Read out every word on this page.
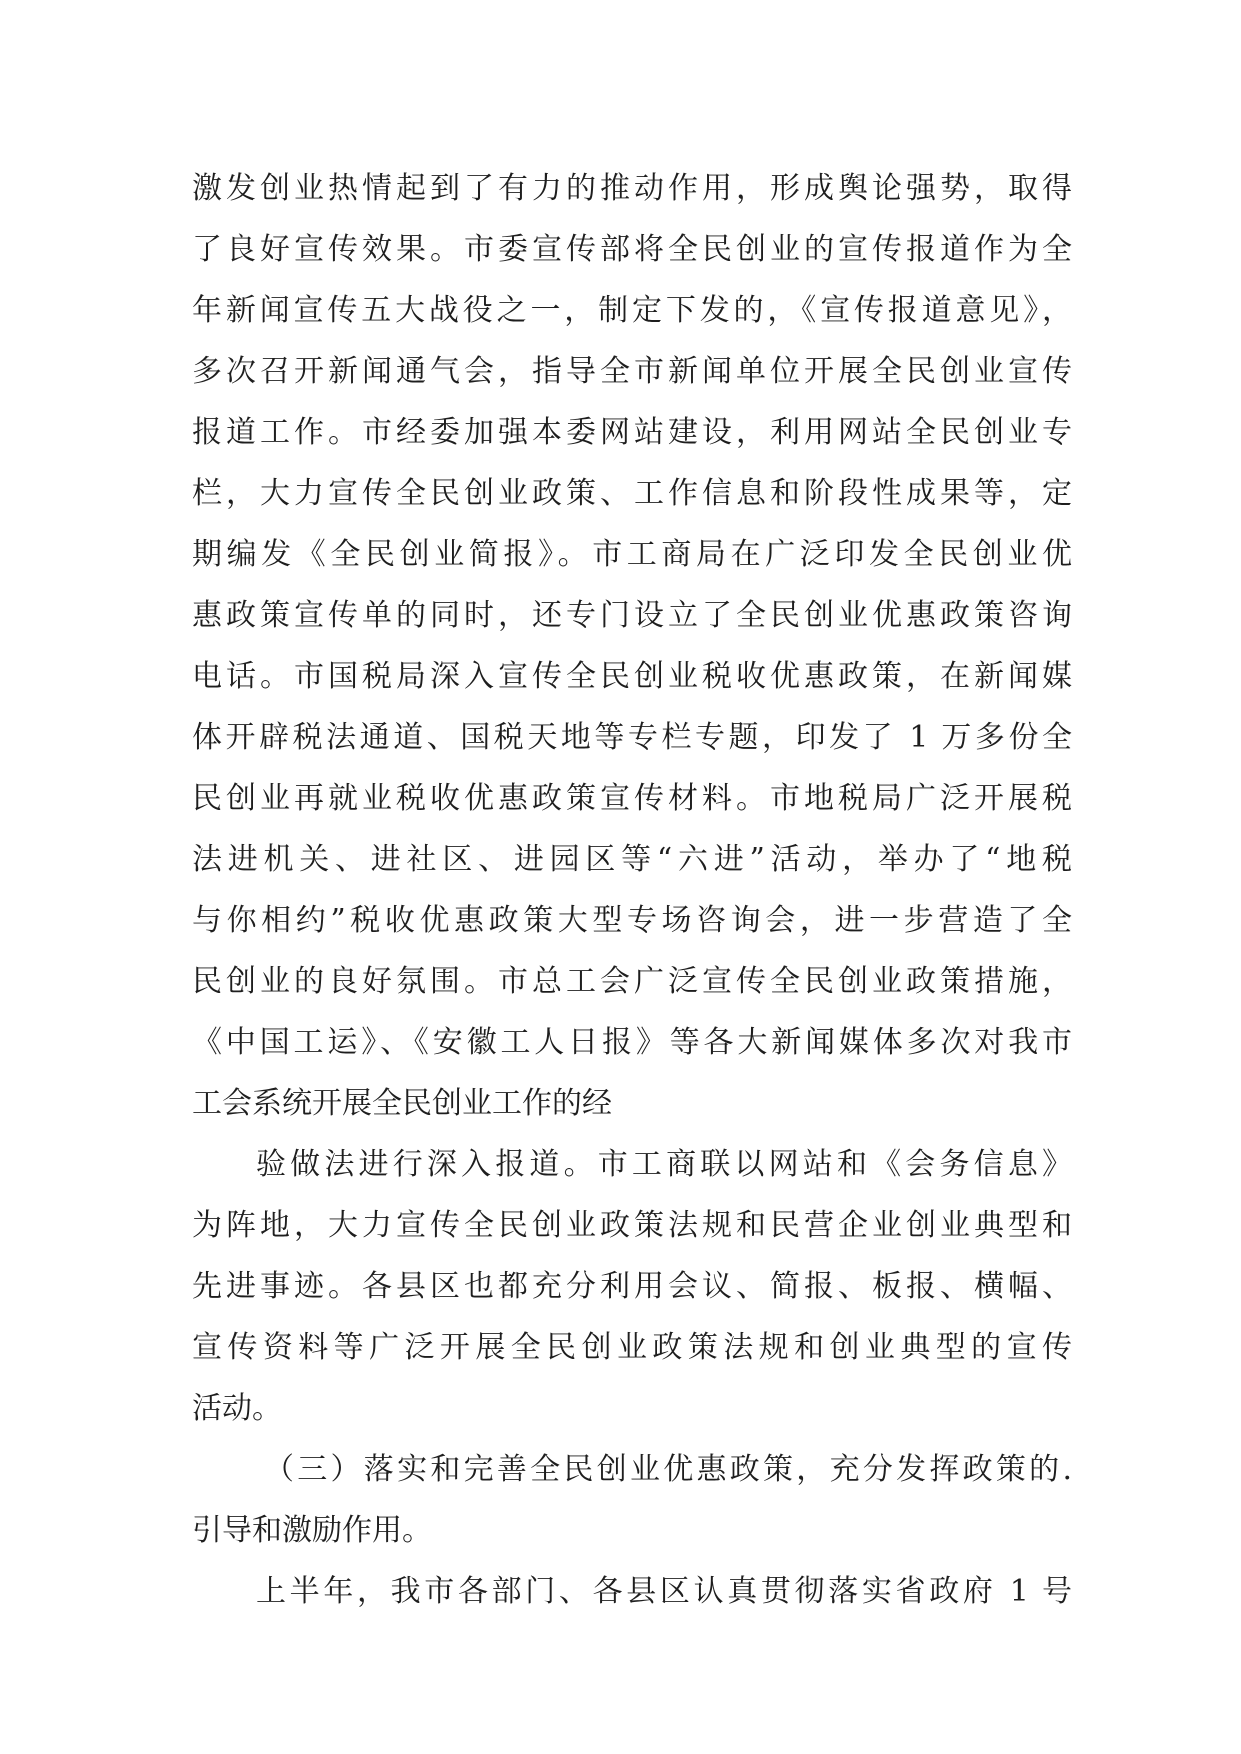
激发创业热情起到了有力的推动作用，形成舆论强势，取得
了良好宣传效果。市委宣传部将全民创业的宣传报道作为全
年新闻宣传五大战役之一，制定下发的，《宣传报道意见》，
多次召开新闻通气会，指导全市新闻单位开展全民创业宣传
报道工作。市经委加强本委网站建设，利用网站全民创业专
栏，大力宣传全民创业政策、工作信息和阶段性成果等，定
期编发《全民创业简报》。市工商局在广泛印发全民创业优
惠政策宣传单的同时，还专门设立了全民创业优惠政策咨询
电话。市国税局深入宣传全民创业税收优惠政策，在新闻媒
体开辟税法通道、国税天地等专栏专题，印发了 1 万多份全
民创业再就业税收优惠政策宣传材料。市地税局广泛开展税
法进机关、进社区、进园区等“六进”活动，举办了“地税
与你相约”税收优惠政策大型专场咨询会，进一步营造了全
民创业的良好氛围。市总工会广泛宣传全民创业政策措施，
《中国工运》、《安徽工人日报》等各大新闻媒体多次对我市
工会系统开展全民创业工作的经
验做法进行深入报道。市工商联以网站和《会务信息》
为阵地，大力宣传全民创业政策法规和民营企业创业典型和
先进事迹。各县区也都充分利用会议、简报、板报、横幅、
宣传资料等广泛开展全民创业政策法规和创业典型的宣传
活动。
（三）落实和完善全民创业优惠政策，充分发挥政策的.
引导和激励作用。
上半年，我市各部门、各县区认真贯彻落实省政府 1 号
